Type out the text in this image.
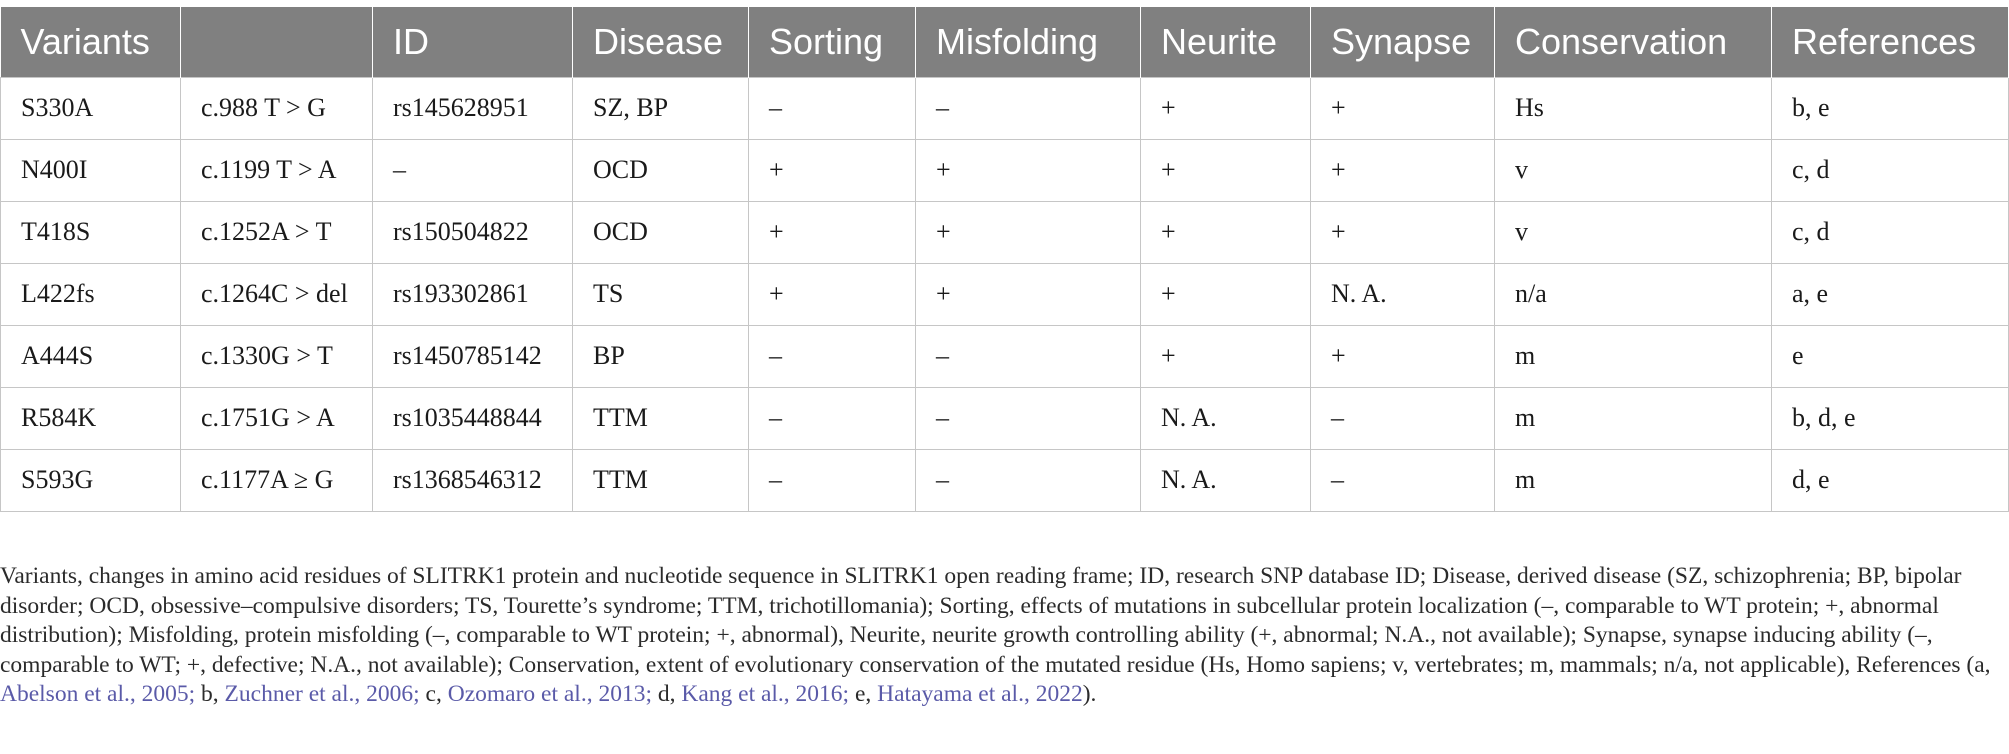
Variants		ID	Disease	Sorting	Misfolding	Neurite	Synapse	Conservation	References
S330A	c.988 T > G	rs145628951	SZ, BP	–	–	+	+	Hs	b, e
N400I	c.1199 T > A	–	OCD	+	+	+	+	v	c, d
T418S	c.1252A > T	rs150504822	OCD	+	+	+	+	v	c, d
L422fs	c.1264C > del	rs193302861	TS	+	+	+	N. A.	n/a	a, e
A444S	c.1330G > T	rs1450785142	BP	–	–	+	+	m	e
R584K	c.1751G > A	rs1035448844	TTM	–	–	N. A.	–	m	b, d, e
S593G	c.1177A ≥ G	rs1368546312	TTM	–	–	N. A.	–	m	d, e
Variants, changes in amino acid residues of SLITRK1 protein and nucleotide sequence in SLITRK1 open reading frame; ID, research SNP database ID; Disease, derived disease (SZ, schizophrenia; BP, bipolar disorder; OCD, obsessive–compulsive disorders; TS, Tourette’s syndrome; TTM, trichotillomania); Sorting, effects of mutations in subcellular protein localization (–, comparable to WT protein; +, abnormal distribution); Misfolding, protein misfolding (–, comparable to WT protein; +, abnormal), Neurite, neurite growth controlling ability (+, abnormal; N.A., not available); Synapse, synapse inducing ability (–, comparable to WT; +, defective; N.A., not available); Conservation, extent of evolutionary conservation of the mutated residue (Hs, Homo sapiens; v, vertebrates; m, mammals; n/a, not applicable), References (a, Abelson et al., 2005; b, Zuchner et al., 2006; c, Ozomaro et al., 2013; d, Kang et al., 2016; e, Hatayama et al., 2022).
